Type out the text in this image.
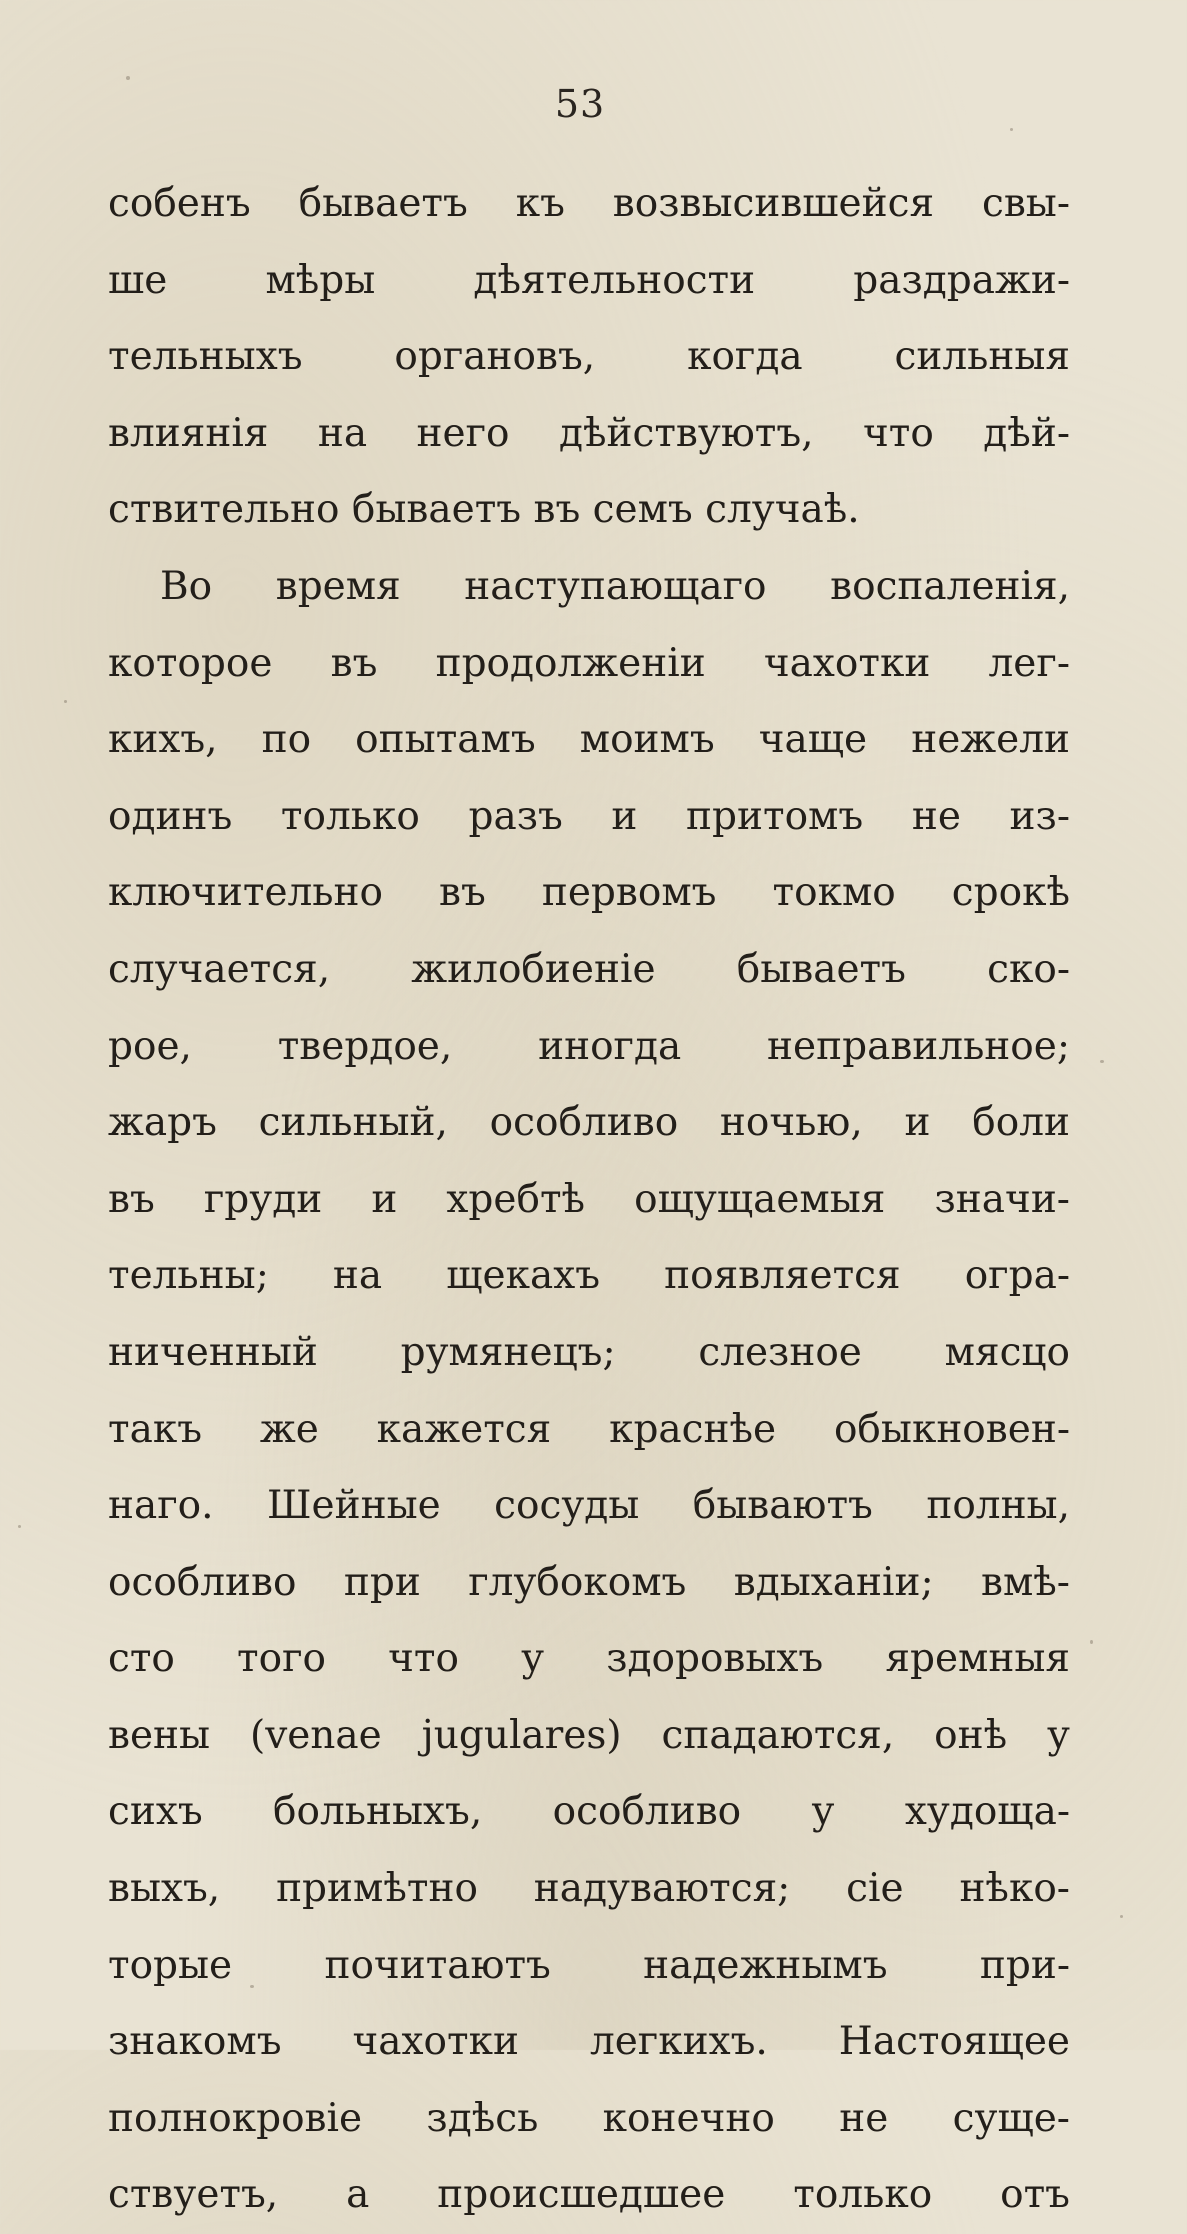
53
собенъ бываетъ къ возвысившейся свы-
ше мѣры дѣятельности раздражи-
тельныхъ органовъ, когда сильныя
влиянія на него дѣйствуютъ, что дѣй-
ствительно бываетъ въ семъ случаѣ.
Во время наступающаго воспаленія,
которое въ продолженіи чахотки лег-
кихъ, по опытамъ моимъ чаще нежели
одинъ только разъ и притомъ не из-
ключительно въ первомъ токмо срокѣ
случается, жилобиеніе бываетъ ско-
рое, твердое, иногда неправильное;
жаръ сильный, особливо ночью, и боли
въ груди и хребтѣ ощущаемыя значи-
тельны; на щекахъ появляется огра-
ниченный румянецъ; слезное мясцо
такъ же кажется краснѣе обыкновен-
наго. Шейные сосуды бываютъ полны,
особливо при глубокомъ вдыханіи; вмѣ-
сто того что у здоровыхъ яремныя
вены (venae jugulares) спадаются, онѣ у
сихъ больныхъ, особливо у худоща-
выхъ, примѣтно надуваются; сіе нѣко-
торые почитаютъ надежнымъ при-
знакомъ чахотки легкихъ. Настоящее
полнокровіе здѣсь конечно не суще-
ствуетъ, а происшедшее только отъ
